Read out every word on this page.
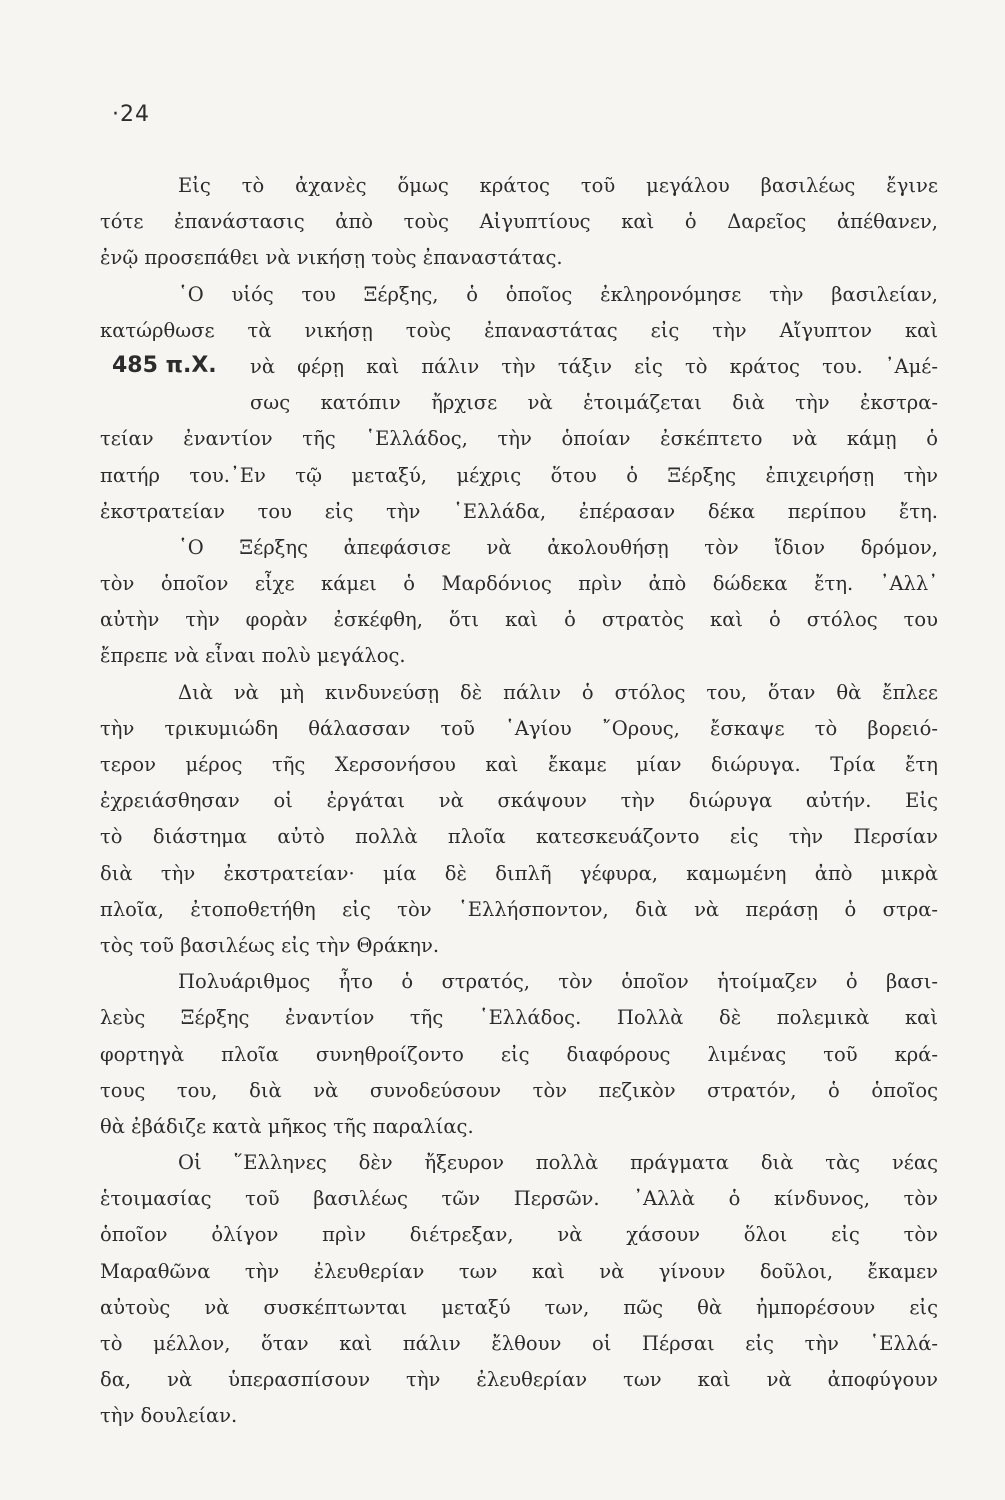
·24
485 π.Χ.
Εἰς τὸ ἀχανὲς ὅμως κράτος τοῦ μεγάλου βασιλέως ἔγινε
τότε ἐπανάστασις ἀπὸ τοὺς Αἰγυπτίους καὶ ὁ Δαρεῖος ἀπέθανεν,
ἐνῷ προσεπάθει νὰ νικήσῃ τοὺς ἐπαναστάτας.
῾Ο υἱός του Ξέρξης, ὁ ὁποῖος ἐκληρονόμησε τὴν βασιλείαν,
κατώρθωσε τὰ νικήσῃ τοὺς ἐπαναστάτας εἰς τὴν Αἴγυπτον καὶ
νὰ φέρῃ καὶ πάλιν τὴν τάξιν εἰς τὸ κράτος του. ᾽Αμέ-
σως κατόπιν ἤρχισε νὰ ἑτοιμάζεται διὰ τὴν ἐκστρα-
τείαν ἐναντίον τῆς ῾Ελλάδος, τὴν ὁποίαν ἐσκέπτετο νὰ κάμῃ ὁ
πατήρ του.᾽Εν τῷ μεταξύ, μέχρις ὅτου ὁ Ξέρξης ἐπιχειρήσῃ τὴν
ἐκστρατείαν του εἰς τὴν ῾Ελλάδα, ἐπέρασαν δέκα περίπου ἔτη.
῾Ο Ξέρξης ἀπεφάσισε νὰ ἀκολουθήσῃ τὸν ἴδιον δρόμον,
τὸν ὁποῖον εἶχε κάμει ὁ Μαρδόνιος πρὶν ἀπὸ δώδεκα ἔτη. ᾽Αλλ᾽
αὐτὴν τὴν φορὰν ἐσκέφθη, ὅτι καὶ ὁ στρατὸς καὶ ὁ στόλος του
ἔπρεπε νὰ εἶναι πολὺ μεγάλος.
Διὰ νὰ μὴ κινδυνεύσῃ δὲ πάλιν ὁ στόλος του, ὅταν θὰ ἔπλεε
τὴν τρικυμιώδη θάλασσαν τοῦ ῾Αγίου ῎Ορους, ἔσκαψε τὸ βορειό-
τερον μέρος τῆς Χερσονήσου καὶ ἔκαμε μίαν διώρυγα. Τρία ἔτη
ἐχρειάσθησαν οἱ ἐργάται νὰ σκάψουν τὴν διώρυγα αὐτήν. Εἰς
τὸ διάστημα αὐτὸ πολλὰ πλοῖα κατεσκευάζοντο εἰς τὴν Περσίαν
διὰ τὴν ἐκστρατείαν· μία δὲ διπλῆ γέφυρα, καμωμένη ἀπὸ μικρὰ
πλοῖα, ἐτοποθετήθη εἰς τὸν ῾Ελλήσποντον, διὰ νὰ περάσῃ ὁ στρα-
τὸς τοῦ βασιλέως εἰς τὴν Θράκην.
Πολυάριθμος ἦτο ὁ στρατός, τὸν ὁποῖον ἡτοίμαζεν ὁ βασι-
λεὺς Ξέρξης ἐναντίον τῆς ῾Ελλάδος. Πολλὰ δὲ πολεμικὰ καὶ
φορτηγὰ πλοῖα συνηθροίζοντο εἰς διαφόρους λιμένας τοῦ κρά-
τους του, διὰ νὰ συνοδεύσουν τὸν πεζικὸν στρατόν, ὁ ὁποῖος
θὰ ἐβάδιζε κατὰ μῆκος τῆς παραλίας.
Οἱ ῞Ελληνες δὲν ἤξευρον πολλὰ πράγματα διὰ τὰς νέας
ἑτοιμασίας τοῦ βασιλέως τῶν Περσῶν. ᾽Αλλὰ ὁ κίνδυνος, τὸν
ὁποῖον ὀλίγον πρὶν διέτρεξαν, νὰ χάσουν ὅλοι εἰς τὸν
Μαραθῶνα τὴν ἐλευθερίαν των καὶ νὰ γίνουν δοῦλοι, ἔκαμεν
αὐτοὺς νὰ συσκέπτωνται μεταξύ των, πῶς θὰ ἠμπορέσουν εἰς
τὸ μέλλον, ὅταν καὶ πάλιν ἔλθουν οἱ Πέρσαι εἰς τὴν ῾Ελλά-
δα, νὰ ὑπερασπίσουν τὴν ἐλευθερίαν των καὶ νὰ ἀποφύγουν
τὴν δουλείαν.
